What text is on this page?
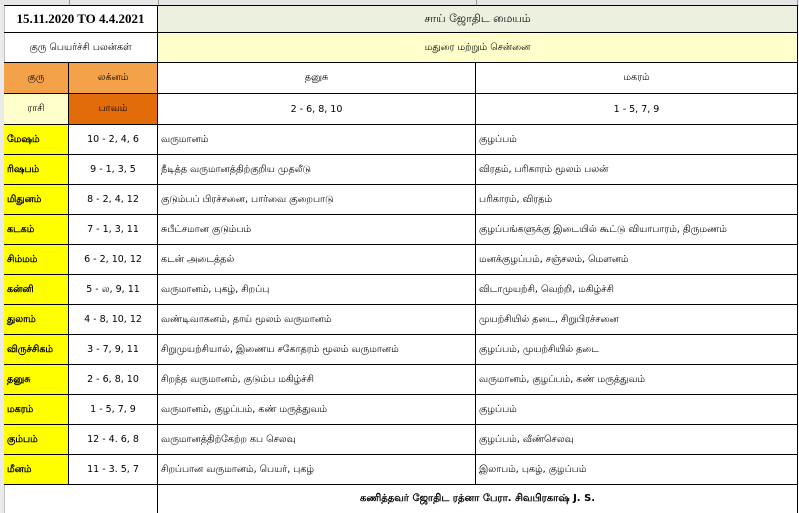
15.11.2020 TO 4.4.2021	சாய் ஜோதிட மையம்
குரு பெயர்ச்சி பலன்கள்	மதுரை மற்றும் சென்னை
குரு	லக்னம்	தனுசு	மகரம்
ராசி	பாவம்	2 - 6, 8, 10	1 - 5, 7, 9
மேஷம்	10 - 2, 4, 6	வருமானம்	குழப்பம்
ரிஷபம்	9 - 1, 3, 5	நீடித்த வருமானத்திற்குறிய முதலீடு	விரதம், பரிகாரம் மூலம் பலன்
மிதுனம்	8 - 2, 4, 12	குடும்பப் பிரச்சனை, பார்வை குறைபாடு	பரிகாரம், விரதம்
கடகம்	7 - 1, 3, 11	சுபீட்சமான குடும்பம்	குழப்பங்களுக்கு இடையில் கூட்டு வியாபாரம், திருமணம்
சிம்மம்	6 - 2, 10, 12	கடன் அடைத்தல்	மனக்குழப்பம், சஞ்சலம், மௌனம்
கன்னி	5 - ல, 9, 11	வருமானம், புகழ், சிறப்பு	விடாமுயற்சி, வெற்றி, மகிழ்ச்சி
துலாம்	4 - 8, 10, 12	வண்டிவாகனம், தாய் மூலம் வருமானம்	முயற்சியில் தடை, சிறுபிரச்சனை
விருச்சிகம்	3 - 7, 9, 11	சிறுமுயற்சியால், இணைய சகோதரம் மூலம் வருமானம்	குழப்பம், முயற்சியில் தடை
தனுசு	2 - 6, 8, 10	சிறந்த வருமானம், குடும்ப மகிழ்ச்சி	வருமானம், குழப்பம், கண் மருத்துவம்
மகரம்	1 - 5, 7, 9	வருமானம், குழப்பம், கண் மருத்துவம்	குழப்பம்
கும்பம்	12 - 4. 6, 8	வருமானத்திற்கேற்ற கப செலவு	குழப்பம், வீண்செலவு
மீனம்	11 - 3. 5, 7	சிறப்பான வருமானம், பெயர், புகழ்	இலாபம், புகழ், குழப்பம்
கணித்தவர் ஜோதிட ரத்னா பேரா. சிவபிரகாஷ் J. S.
